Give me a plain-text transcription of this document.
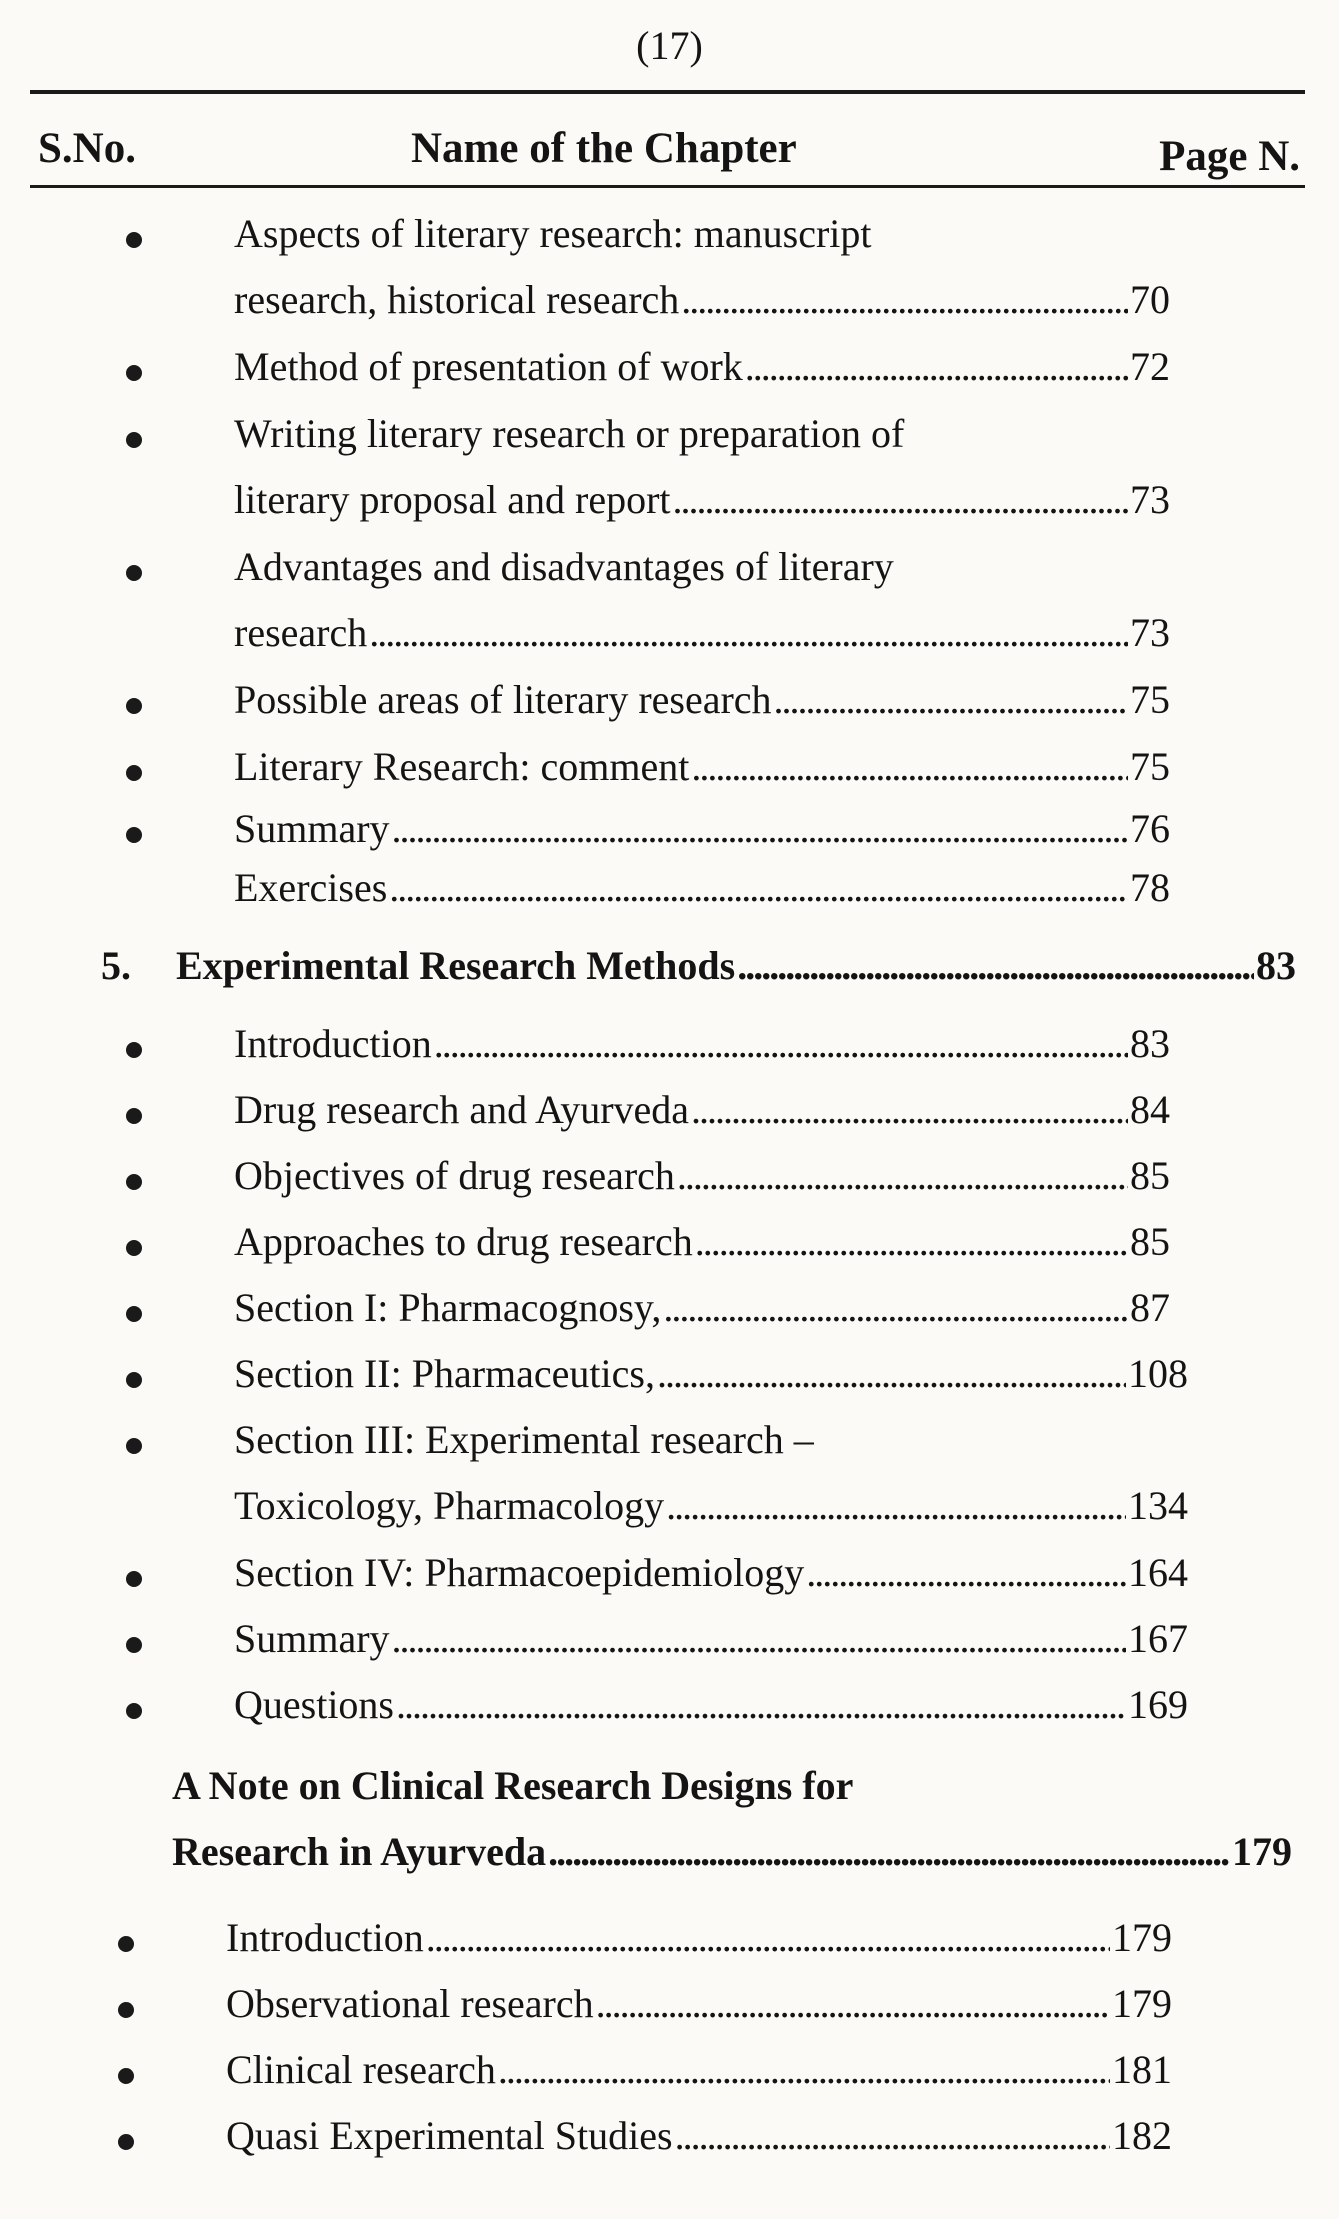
(17)
S.No.	Name of the Chapter	Page N.
Aspects of literary research: manuscript
research, historical research . . .	70
Method of presentation of work . . .	72
Writing literary research or preparation of
literary proposal and report . . .	73
Advantages and disadvantages of literary
research . . .	73
Possible areas of literary research . . .	75
Literary Research: comment . . .	75
Summary . . .	76
Exercises . . .	78
5. Experimental Research Methods . . .	83
Introduction . . .	83
Drug research and Ayurveda . . .	84
Objectives of drug research . . .	85
Approaches to drug research . . .	85
Section I: Pharmacognosy, . . .	87
Section II: Pharmaceutics, . . .	108
Section III: Experimental research –
Toxicology, Pharmacology . . .	134
Section IV: Pharmacoepidemiology . . .	164
Summary . . .	167
Questions . . .	169
A Note on Clinical Research Designs for
Research in Ayurveda . . .	179
Introduction . . .	179
Observational research . . .	179
Clinical research . . .	181
Quasi Experimental Studies . . .	182
